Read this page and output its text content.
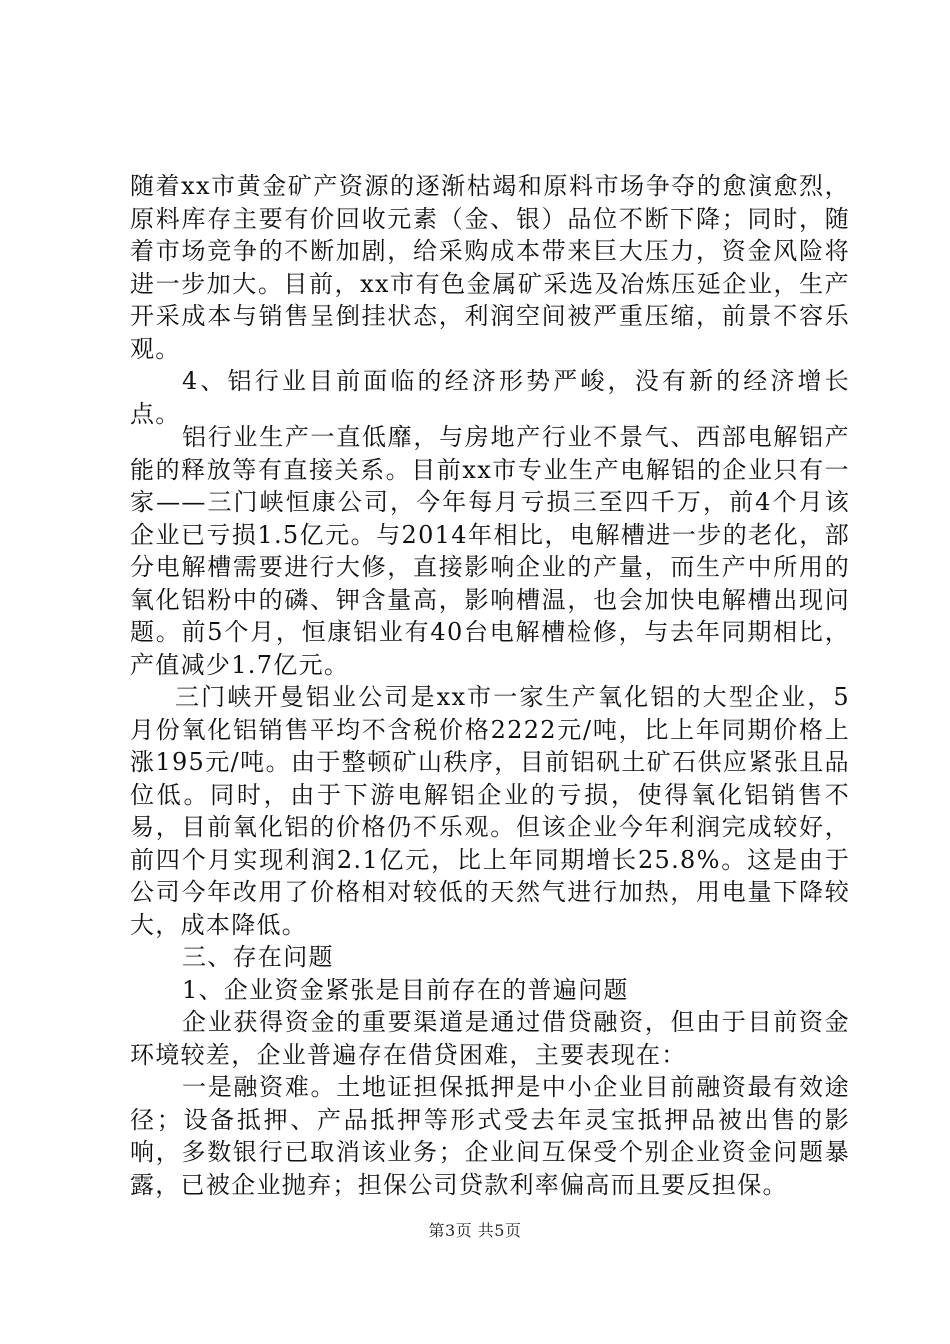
随着xx市黄金矿产资源的逐渐枯竭和原料市场争夺的愈演愈烈，原料库存主要有价回收元素（金、银）品位不断下降；同时，随着市场竞争的不断加剧，给采购成本带来巨大压力，资金风险将进一步加大。目前，xx市有色金属矿采选及冶炼压延企业，生产开采成本与销售呈倒挂状态，利润空间被严重压缩，前景不容乐观。

4、铝行业目前面临的经济形势严峻，没有新的经济增长点。

铝行业生产一直低靡，与房地产行业不景气、西部电解铝产能的释放等有直接关系。目前xx市专业生产电解铝的企业只有一家——三门峡恒康公司，今年每月亏损三至四千万，前4个月该企业已亏损1.5亿元。与2014年相比，电解槽进一步的老化，部分电解槽需要进行大修，直接影响企业的产量，而生产中所用的氧化铝粉中的磷、钾含量高，影响槽温，也会加快电解槽出现问题。前5个月，恒康铝业有40台电解槽检修，与去年同期相比，产值减少1.7亿元。

三门峡开曼铝业公司是xx市一家生产氧化铝的大型企业，5月份氧化铝销售平均不含税价格2222元/吨，比上年同期价格上涨195元/吨。由于整顿矿山秩序，目前铝矾土矿石供应紧张且品位低。同时，由于下游电解铝企业的亏损，使得氧化铝销售不易，目前氧化铝的价格仍不乐观。但该企业今年利润完成较好，前四个月实现利润2.1亿元，比上年同期增长25.8%。这是由于公司今年改用了价格相对较低的天然气进行加热，用电量下降较大，成本降低。

三、存在问题

1、企业资金紧张是目前存在的普遍问题

企业获得资金的重要渠道是通过借贷融资，但由于目前资金环境较差，企业普遍存在借贷困难，主要表现在：

一是融资难。土地证担保抵押是中小企业目前融资最有效途径；设备抵押、产品抵押等形式受去年灵宝抵押品被出售的影响，多数银行已取消该业务；企业间互保受个别企业资金问题暴露，已被企业抛弃；担保公司贷款利率偏高而且要反担保。

第3页 共5页
